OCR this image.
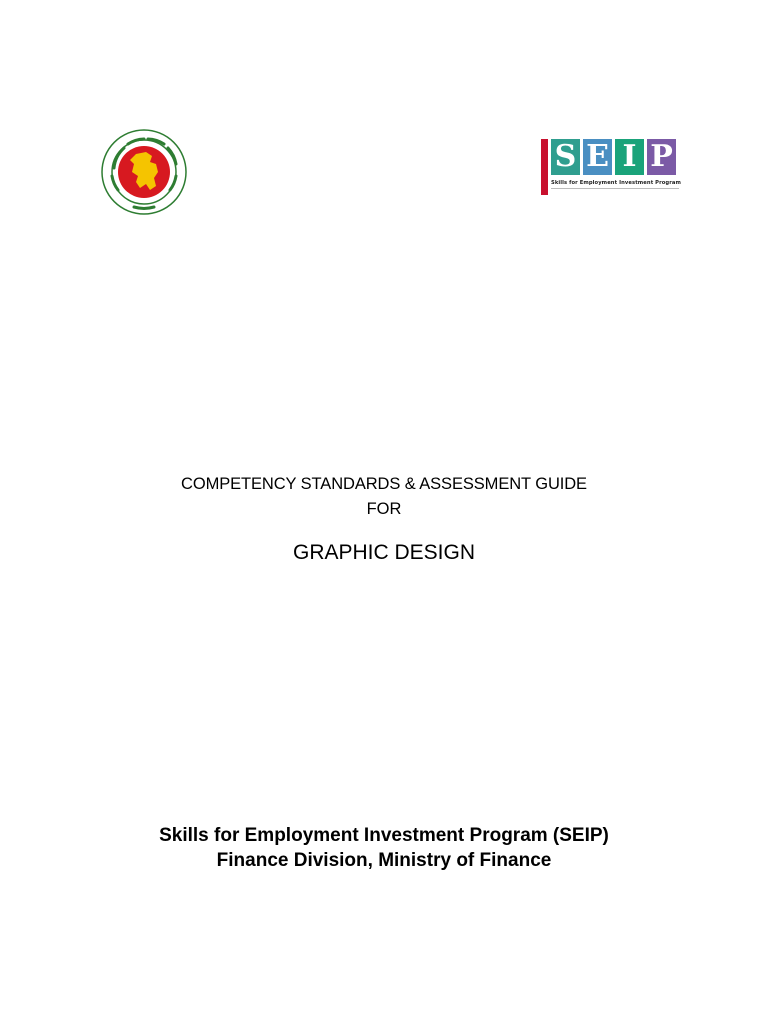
S E I P
Skills for Employment Investment Program
COMPETENCY STANDARDS & ASSESSMENT GUIDE
FOR
GRAPHIC DESIGN
Skills for Employment Investment Program (SEIP)
Finance Division, Ministry of Finance
